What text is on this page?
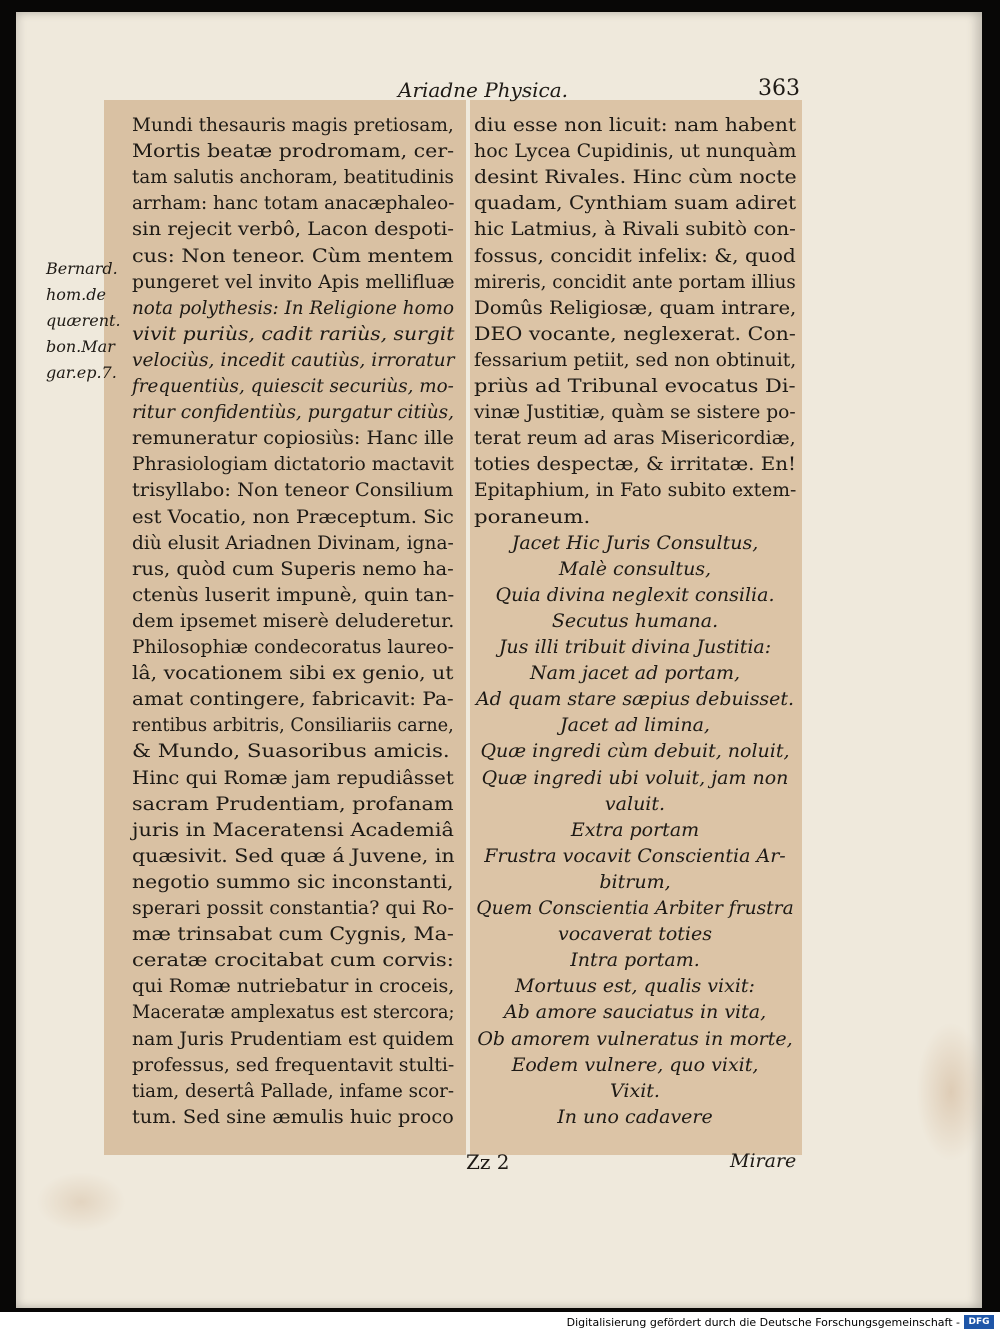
Ariadne Physica.	363
Bernard.
hom.de
quærent.
bon.Mar
gar.ep.7.
Mundi thesauris magis pretiosam,
Mortis beatæ prodromam, cer-
tam salutis anchoram, beatitudinis
arrham: hanc totam anacæphaleo-
sin rejecit verbô, Lacon despoti-
cus: Non teneor. Cùm mentem
pungeret vel invito Apis mellifluæ
nota polythesis: In Religione homo
vivit puriùs, cadit rariùs, surgit
velociùs, incedit cautiùs, irroratur
frequentiùs, quiescit securiùs, mo-
ritur confidentiùs, purgatur citiùs,
remuneratur copiosiùs: Hanc ille
Phrasiologiam dictatorio mactavit
trisyllabo: Non teneor Consilium
est Vocatio, non Præceptum. Sic
diù elusit Ariadnen Divinam, igna-
rus, quòd cum Superis nemo ha-
ctenùs luserit impunè, quin tan-
dem ipsemet miserè deluderetur.
Philosophiæ condecoratus laureo-
lâ, vocationem sibi ex genio, ut
amat contingere, fabricavit: Pa-
rentibus arbitris, Consiliariis carne,
& Mundo, Suasoribus amicis.
Hinc qui Romæ jam repudiâsset
sacram Prudentiam, profanam
juris in Maceratensi Academiâ
quæsivit. Sed quæ á Juvene, in
negotio summo sic inconstanti,
sperari possit constantia? qui Ro-
mæ trinsabat cum Cygnis, Ma-
ceratæ crocitabat cum corvis:
qui Romæ nutriebatur in croceis,
Maceratæ amplexatus est stercora;
nam Juris Prudentiam est quidem
professus, sed frequentavit stulti-
tiam, desertâ Pallade, infame scor-
tum. Sed sine æmulis huic proco
diu esse non licuit: nam habent
hoc Lycea Cupidinis, ut nunquàm
desint Rivales. Hinc cùm nocte
quadam, Cynthiam suam adiret
hic Latmius, à Rivali subitò con-
fossus, concidit infelix: &, quod
mireris, concidit ante portam illius
Domûs Religiosæ, quam intrare,
DEO vocante, neglexerat. Con-
fessarium petiit, sed non obtinuit,
priùs ad Tribunal evocatus Di-
vinæ Justitiæ, quàm se sistere po-
terat reum ad aras Misericordiæ,
toties despectæ, & irritatæ. En!
Epitaphium, in Fato subito extem-
poraneum.
Jacet Hic Juris Consultus,
Malè consultus,
Quia divina neglexit consilia.
Secutus humana.
Jus illi tribuit divina Justitia:
Nam jacet ad portam,
Ad quam stare sæpius debuisset.
Jacet ad limina,
Quæ ingredi cùm debuit, noluit,
Quæ ingredi ubi voluit, jam non
valuit.
Extra portam
Frustra vocavit Conscientia Ar-
bitrum,
Quem Conscientia Arbiter frustra
vocaverat toties
Intra portam.
Mortuus est, qualis vixit:
Ab amore sauciatus in vita,
Ob amorem vulneratus in morte,
Eodem vulnere, quo vixit,
Vixit.
In uno cadavere
Zz 2	Mirare
Digitalisierung gefördert durch die Deutsche Forschungsgemeinschaft - DFG
